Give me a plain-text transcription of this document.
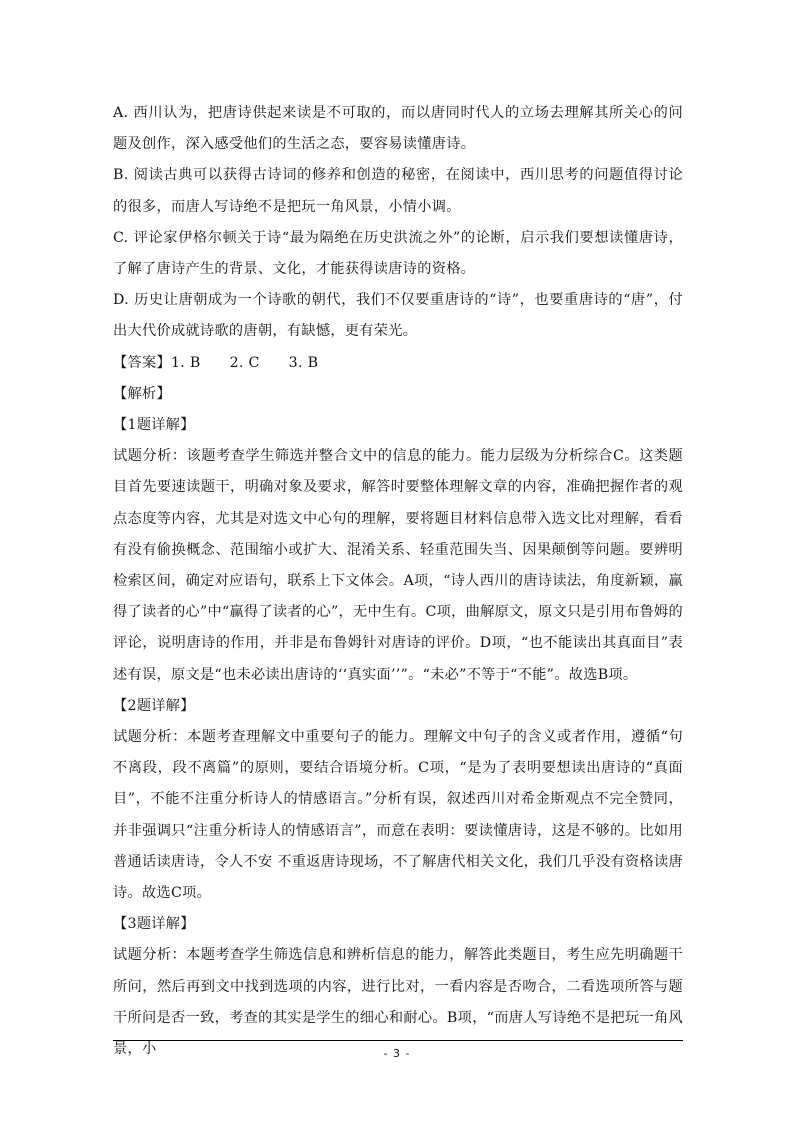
A. 西川认为，把唐诗供起来读是不可取的，而以唐同时代人的立场去理解其所关心的问题及创作，深入感受他们的生活之态，要容易读懂唐诗。

B. 阅读古典可以获得古诗词的修养和创造的秘密，在阅读中，西川思考的问题值得讨论的很多，而唐人写诗绝不是把玩一角风景，小情小调。

C. 评论家伊格尔顿关于诗“最为隔绝在历史洪流之外”的论断，启示我们要想读懂唐诗，了解了唐诗产生的背景、文化，才能获得读唐诗的资格。

D. 历史让唐朝成为一个诗歌的朝代，我们不仅要重唐诗的“诗”，也要重唐诗的“唐”，付出大代价成就诗歌的唐朝，有缺憾，更有荣光。

【答案】1. B　　2. C　　3. B

【解析】

【1题详解】

试题分析：该题考查学生筛选并整合文中的信息的能力。能力层级为分析综合C。这类题目首先要速读题干，明确对象及要求，解答时要整体理解文章的内容，准确把握作者的观点态度等内容，尤其是对选文中心句的理解，要将题目材料信息带入选文比对理解，看看有没有偷换概念、范围缩小或扩大、混淆关系、轻重范围失当、因果颠倒等问题。要辨明检索区间，确定对应语句，联系上下文体会。A项，“诗人西川的唐诗读法，角度新颖，赢得了读者的心”中“赢得了读者的心”，无中生有。C项，曲解原文，原文只是引用布鲁姆的评论，说明唐诗的作用，并非是布鲁姆针对唐诗的评价。D项，“也不能读出其真面目”表述有误，原文是“也未必读出唐诗的‘‘真实面’’”。“未必”不等于“不能”。故选B项。

【2题详解】

试题分析：本题考查理解文中重要句子的能力。理解文中句子的含义或者作用，遵循“句不离段，段不离篇”的原则，要结合语境分析。C项，“是为了表明要想读出唐诗的“真面目”，不能不注重分析诗人的情感语言。”分析有误，叙述西川对希金斯观点不完全赞同，并非强调只“注重分析诗人的情感语言”，而意在表明：要读懂唐诗，这是不够的。比如用普通话读唐诗，令人不安 不重返唐诗现场，不了解唐代相关文化，我们几乎没有资格读唐诗。故选C项。

【3题详解】

试题分析：本题考查学生筛选信息和辨析信息的能力，解答此类题目，考生应先明确题干所问，然后再到文中找到选项的内容，进行比对，一看内容是否吻合，二看选项所答与题干所问是否一致，考查的其实是学生的细心和耐心。B项，“而唐人写诗绝不是把玩一角风景，小	- 3 -
